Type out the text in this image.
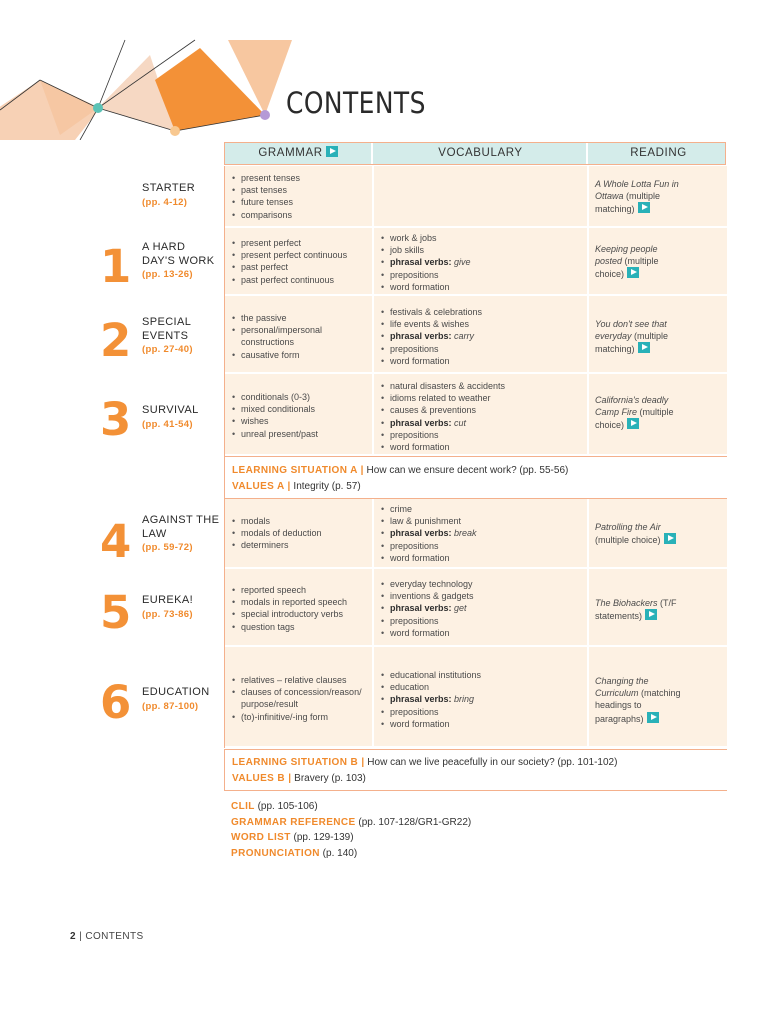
CONTENTS
GRAMMAR	VOCABULARY	READING
• present tenses
• past tenses
• future tenses
• comparisons
A Whole Lotta Fun in Ottawa (multiple matching)
STARTER
(pp. 4-12)
• present perfect
• present perfect continuous
• past perfect
• past perfect continuous
• work & jobs
• job skills
• phrasal verbs: give
• prepositions
• word formation
Keeping people posted (multiple choice)
1 A HARD DAY'S WORK
(pp. 13-26)
• the passive
• personal/impersonal constructions
• causative form
• festivals & celebrations
• life events & wishes
• phrasal verbs: carry
• prepositions
• word formation
You don't see that everyday (multiple matching)
2 SPECIAL EVENTS
(pp. 27-40)
• conditionals (0-3)
• mixed conditionals
• wishes
• unreal present/past
• natural disasters & accidents
• idioms related to weather
• causes & preventions
• phrasal verbs: cut
• prepositions
• word formation
California's deadly Camp Fire (multiple choice)
3 SURVIVAL
(pp. 41-54)
• modals
• modals of deduction
• determiners
• crime
• law & punishment
• phrasal verbs: break
• prepositions
• word formation
Patrolling the Air (multiple choice)
4 AGAINST THE LAW
(pp. 59-72)
• reported speech
• modals in reported speech
• special introductory verbs
• question tags
• everyday technology
• inventions & gadgets
• phrasal verbs: get
• prepositions
• word formation
The Biohackers (T/F statements)
5 EUREKA!
(pp. 73-86)
• relatives – relative clauses
• clauses of concession/reason/ purpose/result
• (to)-infinitive/-ing form
• educational institutions
• education
• phrasal verbs: bring
• prepositions
• word formation
Changing the Curriculum (matching headings to paragraphs)
6 EDUCATION
(pp. 87-100)
LEARNING SITUATION A | How can we ensure decent work? (pp. 55-56)
VALUES A | Integrity (p. 57)
LEARNING SITUATION B | How can we live peacefully in our society? (pp. 101-102)
VALUES B | Bravery (p. 103)
CLIL (pp. 105-106)
GRAMMAR REFERENCE (pp. 107-128/GR1-GR22)
WORD LIST (pp. 129-139)
PRONUNCIATION (p. 140)
2 | CONTENTS
